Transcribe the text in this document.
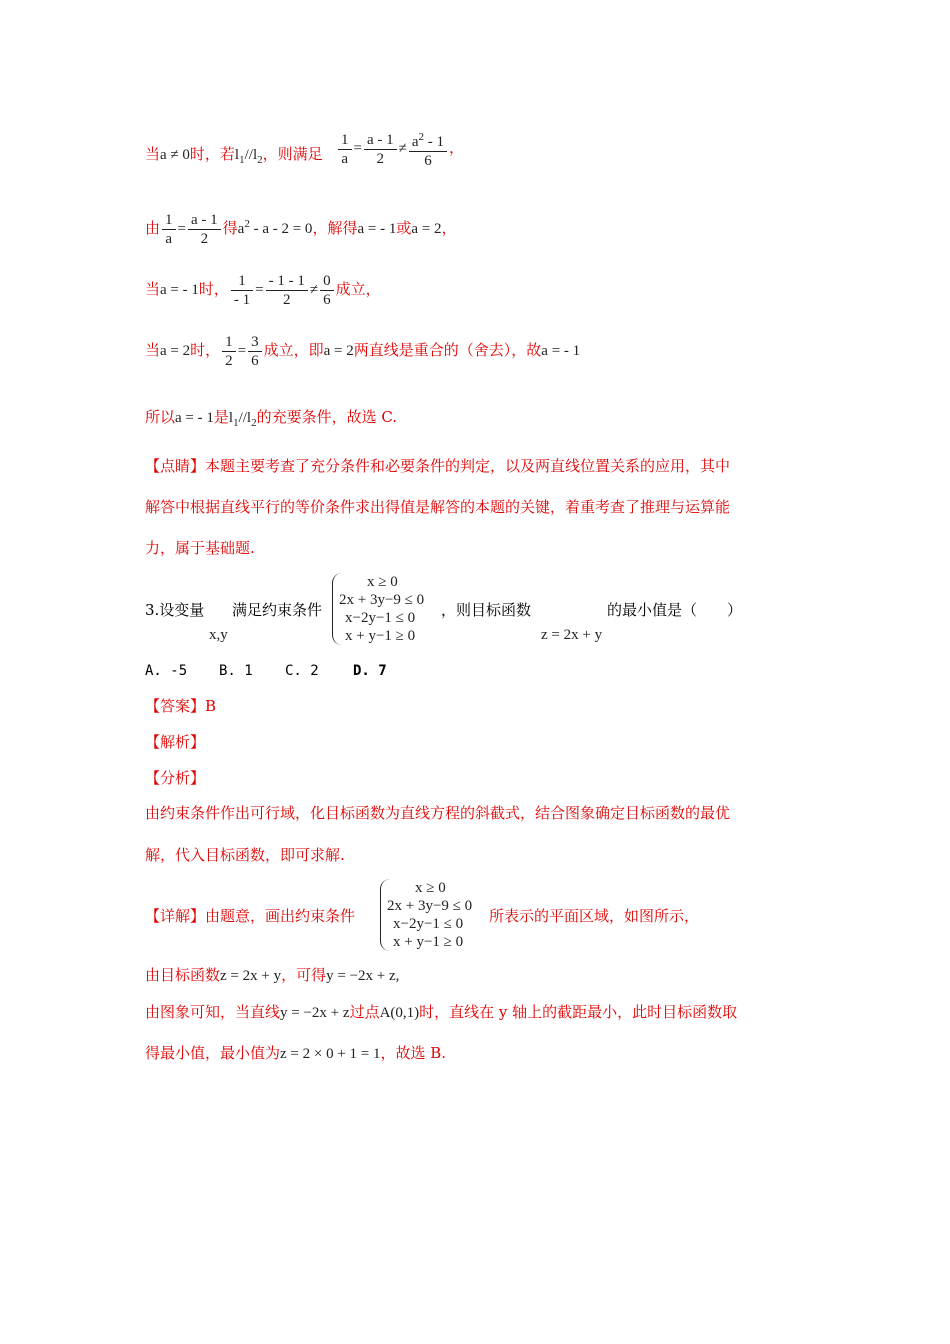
当a ≠ 0时，若$l_1//l_2$，则满足 $\frac{1}{a} = \frac{a - 1}{2} \ne \frac{a^2 - 1}{6}$ ，
由 $\frac{1}{a} = \frac{a - 1}{2}$ 得$a^2 - a - 2 = 0$，解得a = - 1或a = 2，
当a = - 1时， $\frac{1}{- 1} = \frac{- 1 - 1}{2} \ne \frac{0}{6}$ 成立，
当a = 2时， $\frac{1}{2} = \frac{3}{6}$ 成立，即a = 2两直线是重合的（舍去），故a = - 1
所以a = - 1是$l_1//l_2$的充要条件，故选 C.
【点睛】本题主要考查了充分条件和必要条件的判定，以及两直线位置关系的应用，其中
解答中根据直线平行的等价条件求出得值是解答的本题的关键，着重考查了推理与运算能
力，属于基础题.
3.设变量 满足约束条件
x,y
x ≥ 0
2x + 3y−9 ≤ 0
x−2y−1 ≤ 0
x + y−1 ≥ 0
，则目标函数	的最小值是（　　）
z = 2x + y
A. -5 B. 1 C. 2 D. 7
【答案】B
【解析】
【分析】
由约束条件作出可行域，化目标函数为直线方程的斜截式，结合图象确定目标函数的最优
解，代入目标函数，即可求解.
【详解】由题意，画出约束条件
x ≥ 0
2x + 3y−9 ≤ 0
x−2y−1 ≤ 0
x + y−1 ≥ 0
所表示的平面区域，如图所示，
由目标函数z = 2x + y，可得y = −2x + z,
由图象可知，当直线y = −2x + z过点A(0,1)时，直线在 y 轴上的截距最小，此时目标函数取
得最小值，最小值为z = 2 × 0 + 1 = 1，故选 B.
